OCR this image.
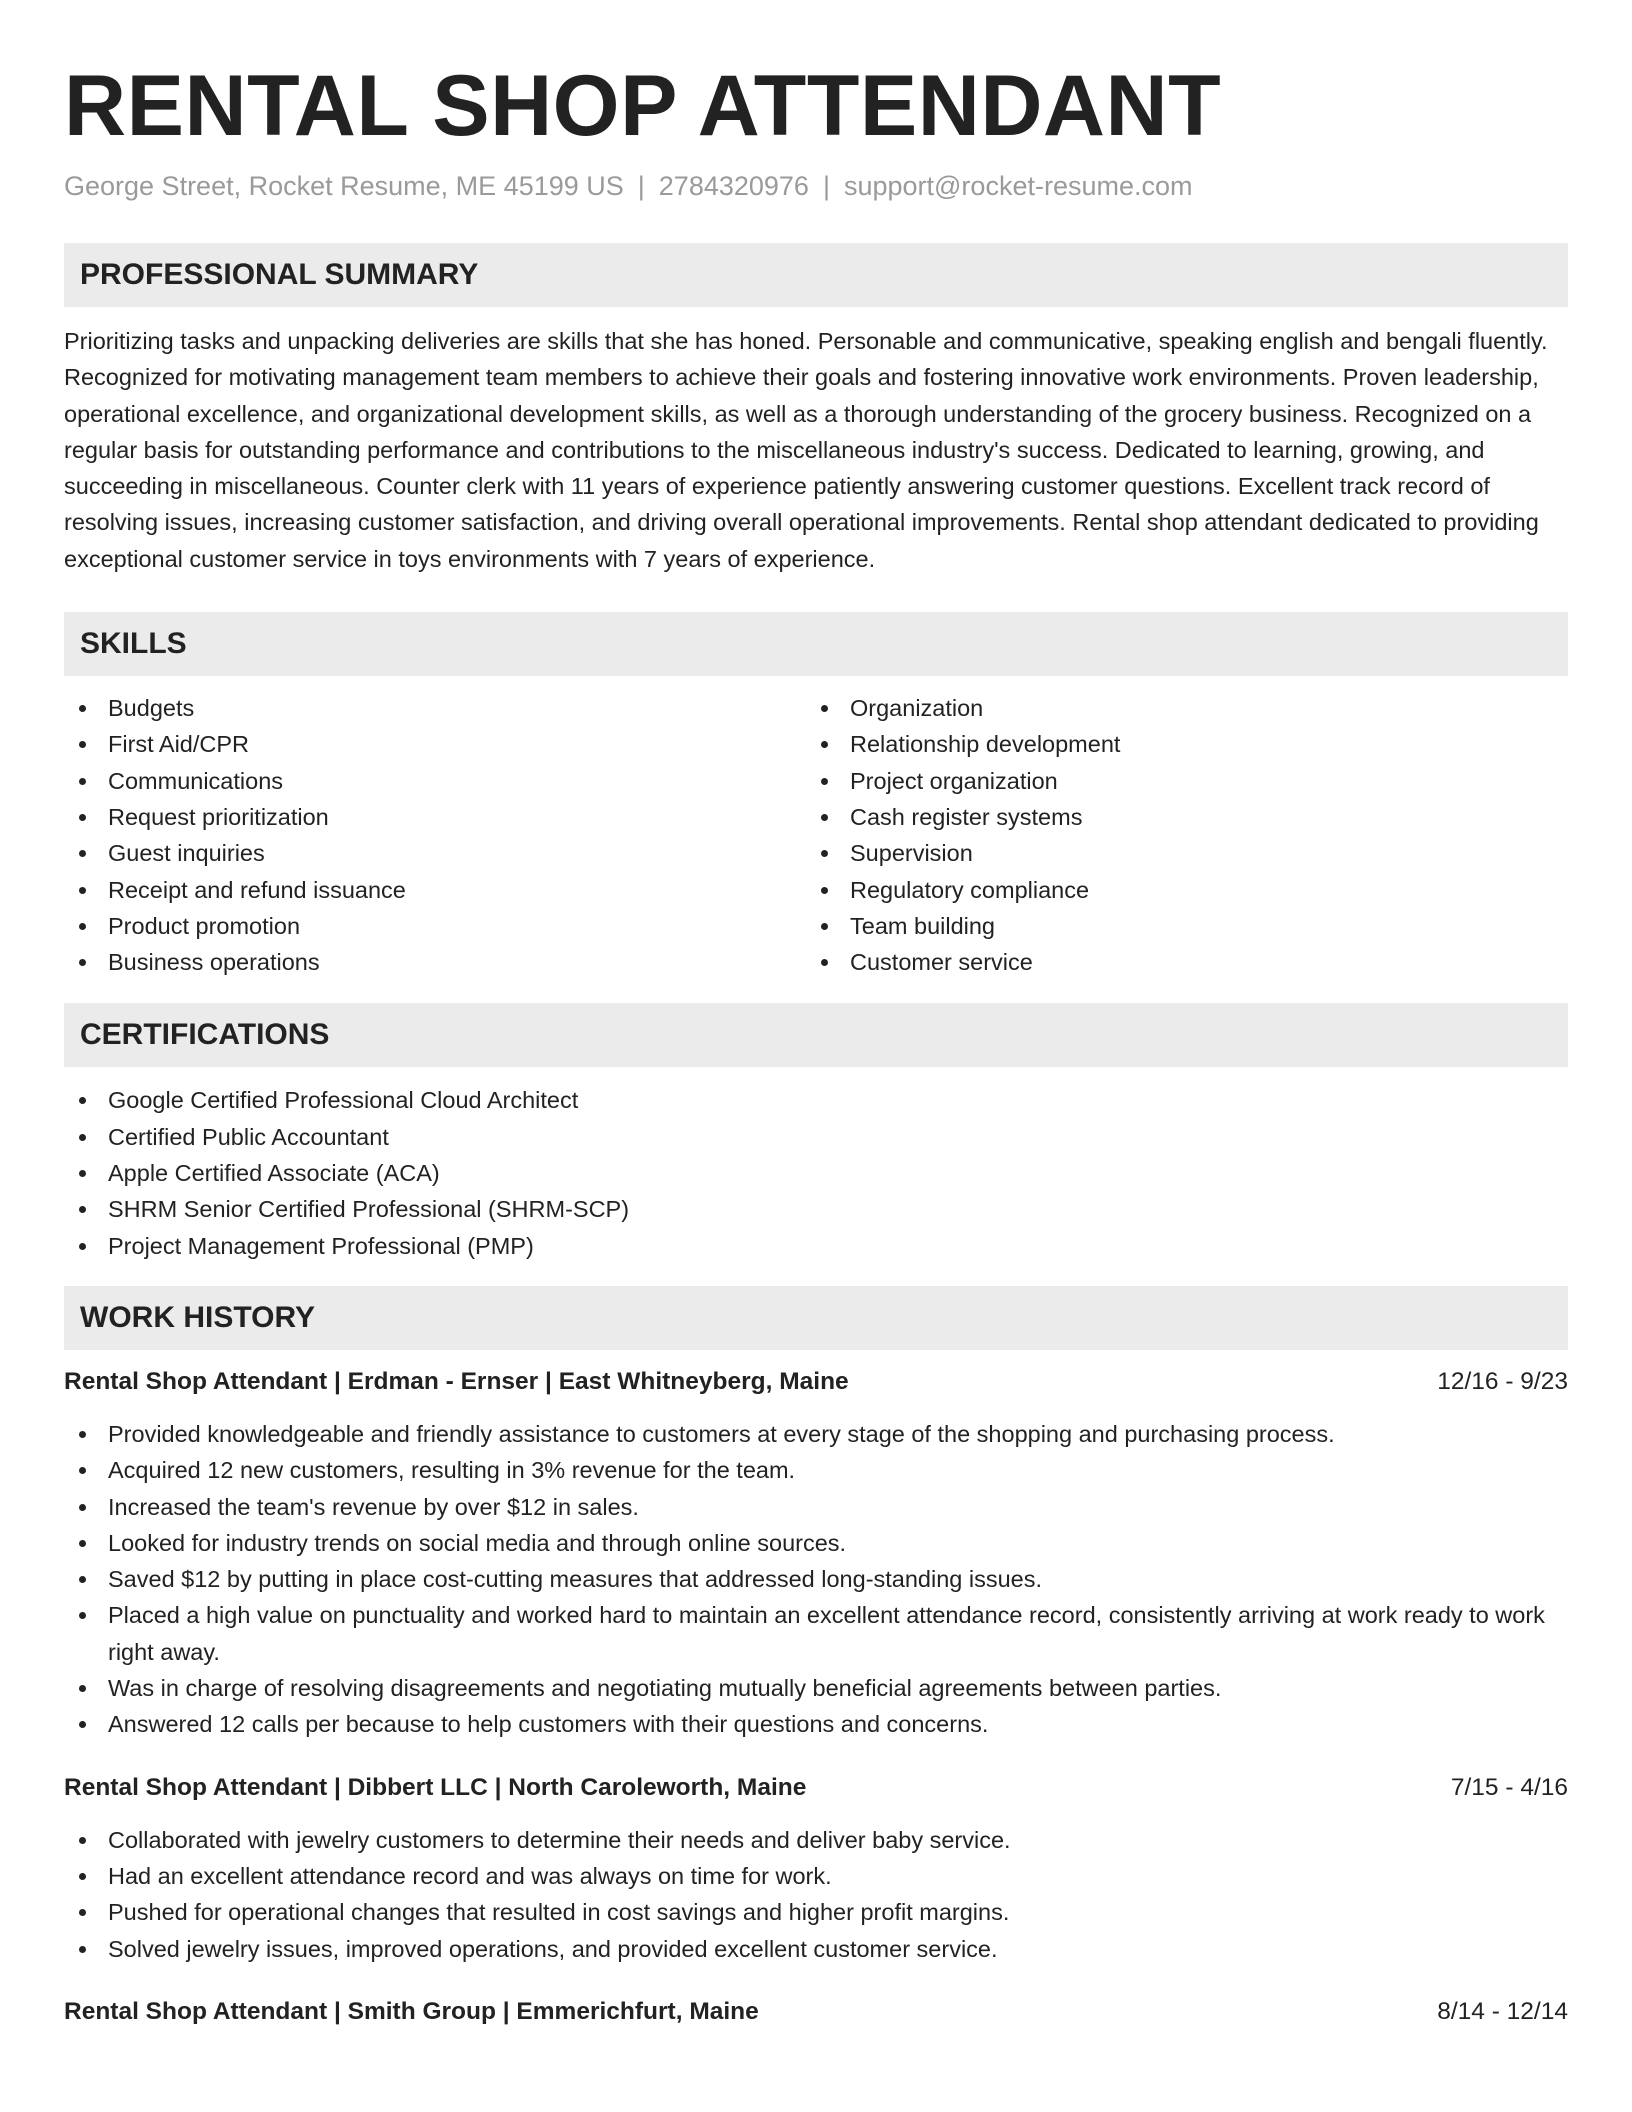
RENTAL SHOP ATTENDANT
George Street, Rocket Resume, ME 45199 US | 2784320976 | support@rocket-resume.com
PROFESSIONAL SUMMARY

Prioritizing tasks and unpacking deliveries are skills that she has honed. Personable and communicative, speaking english and bengali fluently. Recognized for motivating management team members to achieve their goals and fostering innovative work environments. Proven leadership, operational excellence, and organizational development skills, as well as a thorough understanding of the grocery business. Recognized on a regular basis for outstanding performance and contributions to the miscellaneous industry's success. Dedicated to learning, growing, and succeeding in miscellaneous. Counter clerk with 11 years of experience patiently answering customer questions. Excellent track record of resolving issues, increasing customer satisfaction, and driving overall operational improvements. Rental shop attendant dedicated to providing exceptional customer service in toys environments with 7 years of experience.

SKILLS
Budgets
First Aid/CPR
Communications
Request prioritization
Guest inquiries
Receipt and refund issuance
Product promotion
Business operations
Organization
Relationship development
Project organization
Cash register systems
Supervision
Regulatory compliance
Team building
Customer service
CERTIFICATIONS
Google Certified Professional Cloud Architect
Certified Public Accountant
Apple Certified Associate (ACA)
SHRM Senior Certified Professional (SHRM-SCP)
Project Management Professional (PMP)
WORK HISTORY
Rental Shop Attendant | Erdman - Ernser | East Whitneyberg, Maine	12/16 - 9/23
Provided knowledgeable and friendly assistance to customers at every stage of the shopping and purchasing process.
Acquired 12 new customers, resulting in 3% revenue for the team.
Increased the team's revenue by over $12 in sales.
Looked for industry trends on social media and through online sources.
Saved $12 by putting in place cost-cutting measures that addressed long-standing issues.
Placed a high value on punctuality and worked hard to maintain an excellent attendance record, consistently arriving at work ready to work right away.
Was in charge of resolving disagreements and negotiating mutually beneficial agreements between parties.
Answered 12 calls per because to help customers with their questions and concerns.
Rental Shop Attendant | Dibbert LLC | North Caroleworth, Maine	7/15 - 4/16
Collaborated with jewelry customers to determine their needs and deliver baby service.
Had an excellent attendance record and was always on time for work.
Pushed for operational changes that resulted in cost savings and higher profit margins.
Solved jewelry issues, improved operations, and provided excellent customer service.
Rental Shop Attendant | Smith Group | Emmerichfurt, Maine	8/14 - 12/14
